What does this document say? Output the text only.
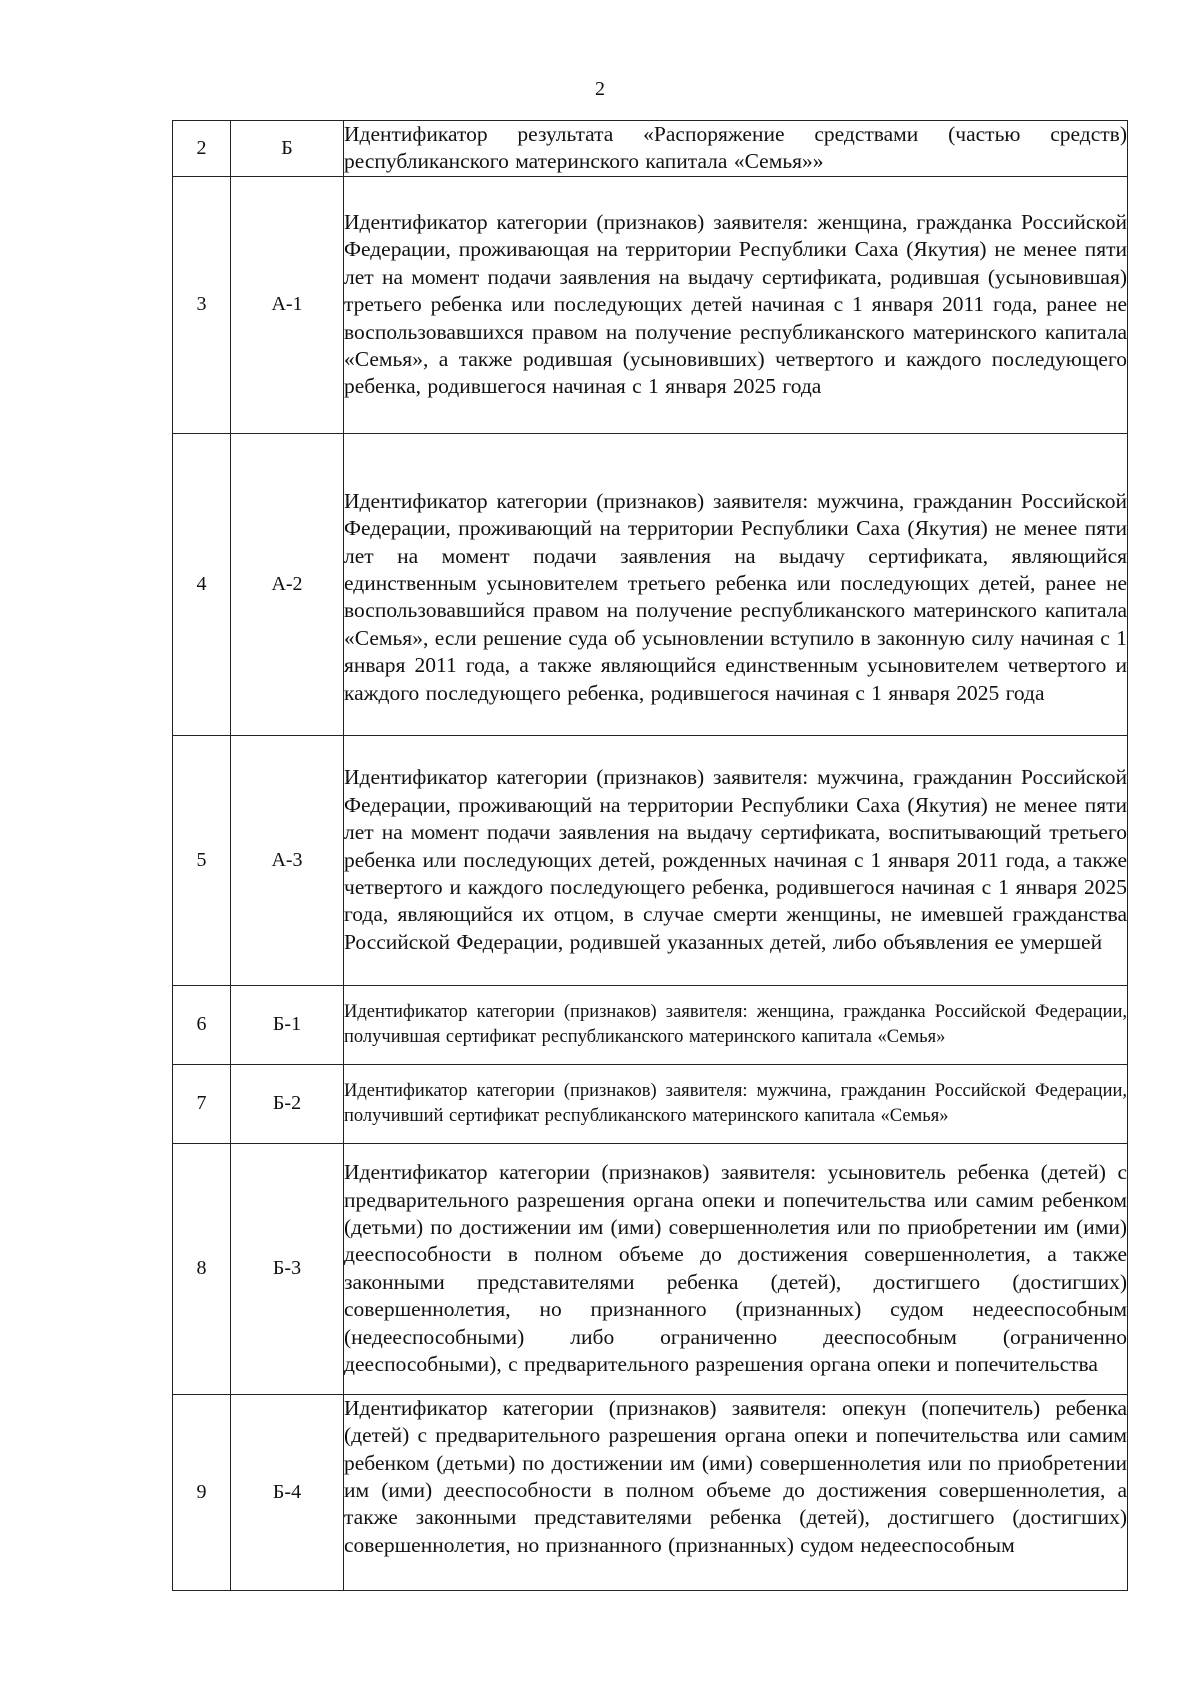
2
2	Б	Идентификатор результата «Распоряжение средствами (частью средств) республиканского материнского капитала «Семья»»
3	А-1	Идентификатор категории (признаков) заявителя: женщина, гражданка Российской Федерации, проживающая на территории Республики Саха (Якутия) не менее пяти лет на момент подачи заявления на выдачу сертификата, родившая (усыновившая) третьего ребенка или последующих детей начиная с 1 января 2011 года, ранее не воспользовавшихся правом на получение республиканского материнского капитала «Семья», а также родившая (усыновивших) четвертого и каждого последующего ребенка, родившегося начиная с 1 января 2025 года
4	А-2	Идентификатор категории (признаков) заявителя: мужчина, гражданин Российской Федерации, проживающий на территории Республики Саха (Якутия) не менее пяти лет на момент подачи заявления на выдачу сертификата, являющийся единственным усыновителем третьего ребенка или последующих детей, ранее не воспользовавшийся правом на получение республиканского материнского капитала «Семья», если решение суда об усыновлении вступило в законную силу начиная с 1 января 2011 года, а также являющийся единственным усыновителем четвертого и каждого последующего ребенка, родившегося начиная с 1 января 2025 года
5	А-3	Идентификатор категории (признаков) заявителя: мужчина, гражданин Российской Федерации, проживающий на территории Республики Саха (Якутия) не менее пяти лет на момент подачи заявления на выдачу сертификата, воспитывающий третьего ребенка или последующих детей, рожденных начиная с 1 января 2011 года, а также четвертого и каждого последующего ребенка, родившегося начиная с 1 января 2025 года, являющийся их отцом, в случае смерти женщины, не имевшей гражданства Российской Федерации, родившей указанных детей, либо объявления ее умершей
6	Б-1	Идентификатор категории (признаков) заявителя: женщина, гражданка Российской Федерации, получившая сертификат республиканского материнского капитала «Семья»
7	Б-2	Идентификатор категории (признаков) заявителя: мужчина, гражданин Российской Федерации, получивший сертификат республиканского материнского капитала «Семья»
8	Б-3	Идентификатор категории (признаков) заявителя: усыновитель ребенка (детей) с предварительного разрешения органа опеки и попечительства или самим ребенком (детьми) по достижении им (ими) совершеннолетия или по приобретении им (ими) дееспособности в полном объеме до достижения совершеннолетия, а также законными представителями ребенка (детей), достигшего (достигших) совершеннолетия, но признанного (признанных) судом недееспособным (недееспособными) либо ограниченно дееспособным (ограниченно дееспособными), с предварительного разрешения органа опеки и попечительства
9	Б-4	Идентификатор категории (признаков) заявителя: опекун (попечитель) ребенка (детей) с предварительного разрешения органа опеки и попечительства или самим ребенком (детьми) по достижении им (ими) совершеннолетия или по приобретении им (ими) дееспособности в полном объеме до достижения совершеннолетия, а также законными представителями ребенка (детей), достигшего (достигших) совершеннолетия, но признанного (признанных) судом недееспособным
